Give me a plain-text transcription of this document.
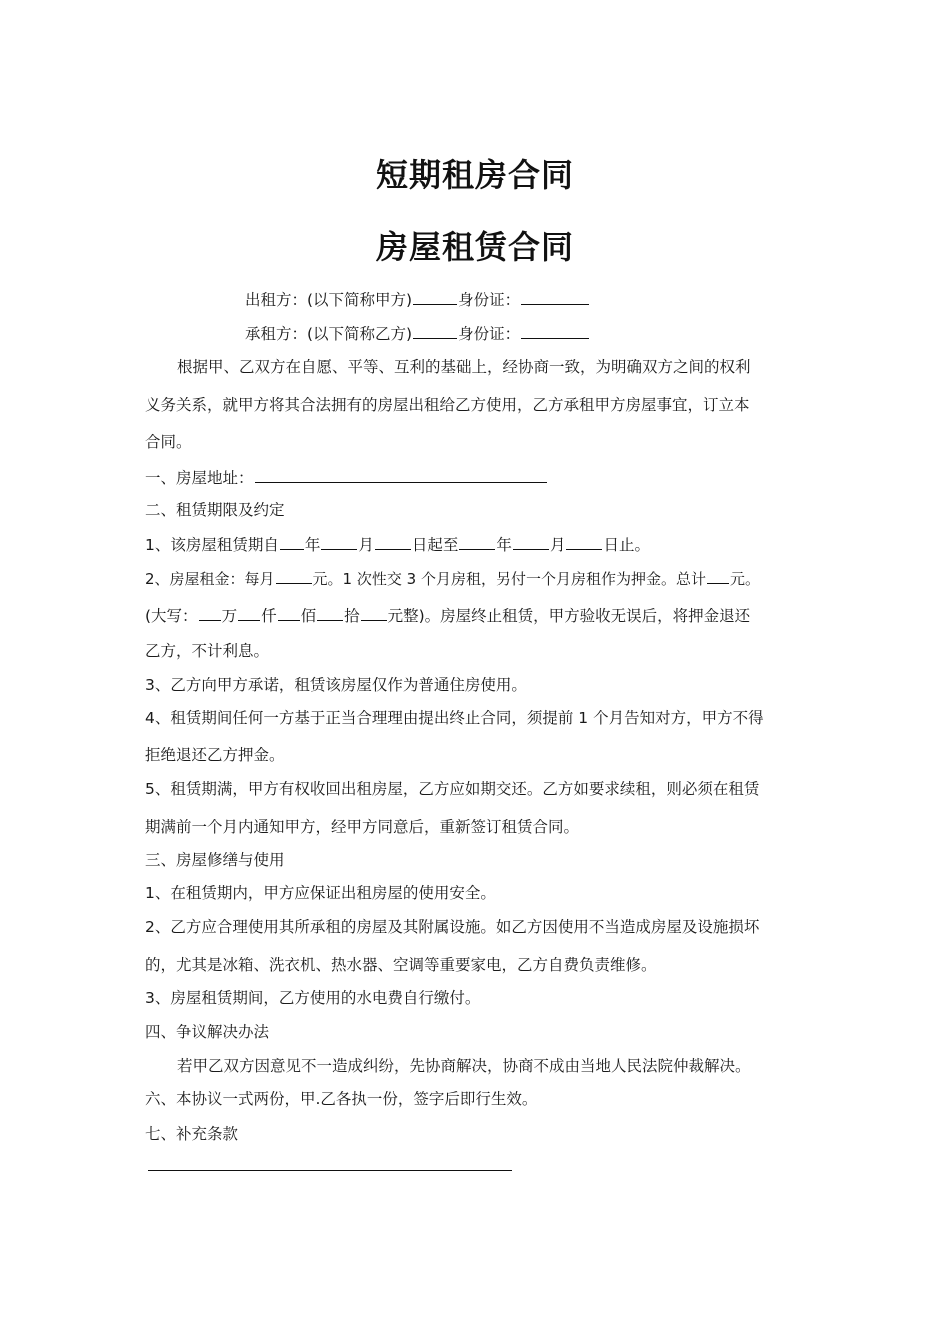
短期租房合同
房屋租赁合同
出租方：(以下简称甲方)	身份证：
承租方：(以下简称乙方)	身份证：
根据甲、乙双方在自愿、平等、互利的基础上，经协商一致，为明确双方之间的权利
义务关系，就甲方将其合法拥有的房屋出租给乙方使用，乙方承租甲方房屋事宜，订立本
合同。
一、房屋地址：
二、租赁期限及约定
1、该房屋租赁期自 年 月 日起至 年 月 日止。
2、房屋租金：每月	元。1 次性交 3 个月房租，另付一个月房租作为押金。总计 元。
(大写： 万 仟 佰 拾 元整)。房屋终止租赁，甲方验收无误后，将押金退还
乙方，不计利息。
3、乙方向甲方承诺，租赁该房屋仅作为普通住房使用。
4、租赁期间任何一方基于正当合理理由提出终止合同，须提前 1 个月告知对方，甲方不得
拒绝退还乙方押金。
5、租赁期满，甲方有权收回出租房屋，乙方应如期交还。乙方如要求续租，则必须在租赁
期满前一个月内通知甲方，经甲方同意后，重新签订租赁合同。
三、房屋修缮与使用
1、在租赁期内，甲方应保证出租房屋的使用安全。
2、乙方应合理使用其所承租的房屋及其附属设施。如乙方因使用不当造成房屋及设施损坏
的，尤其是冰箱、洗衣机、热水器、空调等重要家电，乙方自费负责维修。
3、房屋租赁期间，乙方使用的水电费自行缴付。
四、争议解决办法
若甲乙双方因意见不一造成纠纷，先协商解决，协商不成由当地人民法院仲裁解决。
六、本协议一式两份，甲.乙各执一份，签字后即行生效。
七、补充条款
